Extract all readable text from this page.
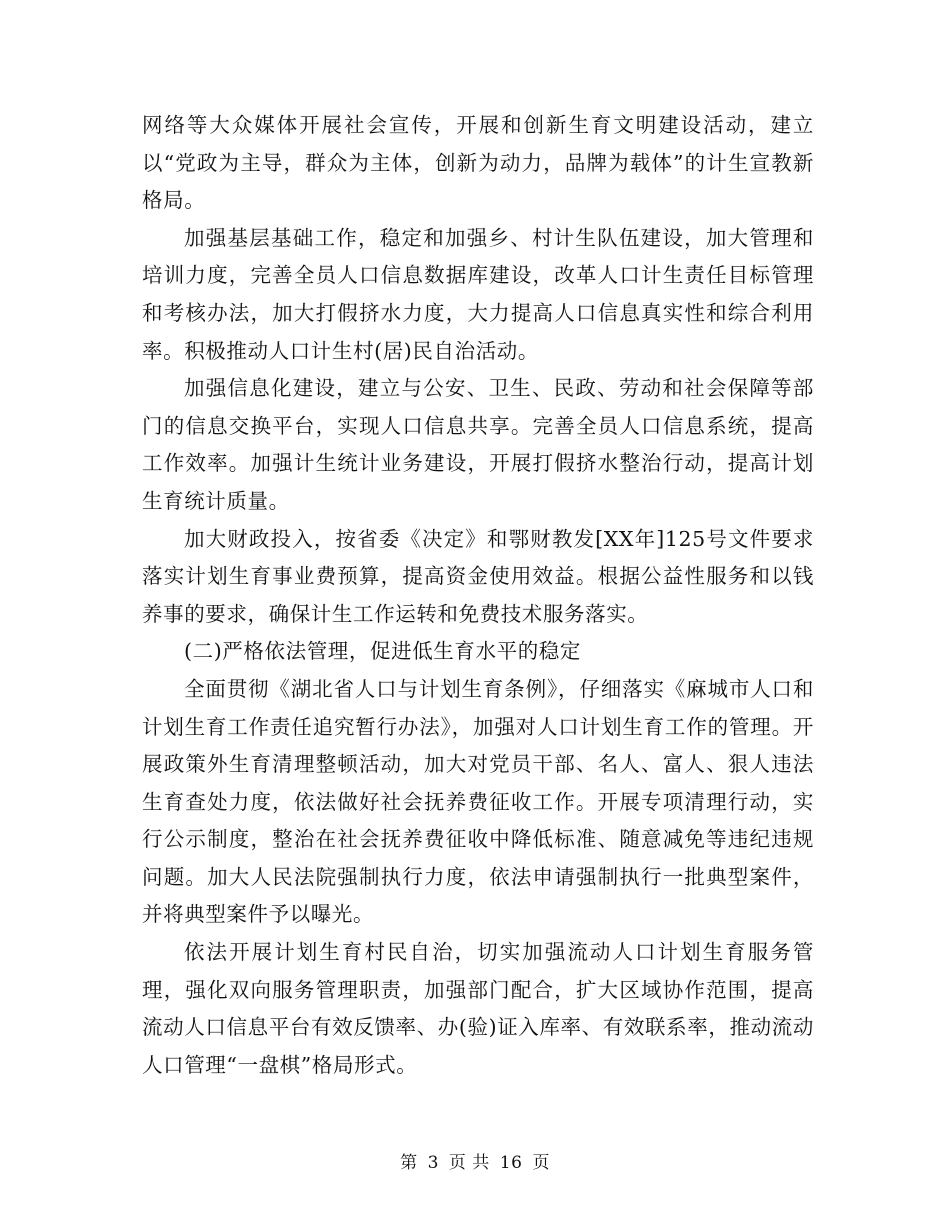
网络等大众媒体开展社会宣传，开展和创新生育文明建设活动，建立以“党政为主导，群众为主体，创新为动力，品牌为载体”的计生宣教新格局。

加强基层基础工作，稳定和加强乡、村计生队伍建设，加大管理和培训力度，完善全员人口信息数据库建设，改革人口计生责任目标管理和考核办法，加大打假挤水力度，大力提高人口信息真实性和综合利用率。积极推动人口计生村(居)民自治活动。

加强信息化建设，建立与公安、卫生、民政、劳动和社会保障等部门的信息交换平台，实现人口信息共享。完善全员人口信息系统，提高工作效率。加强计生统计业务建设，开展打假挤水整治行动，提高计划生育统计质量。

加大财政投入，按省委《决定》和鄂财教发[XX年]125号文件要求落实计划生育事业费预算，提高资金使用效益。根据公益性服务和以钱养事的要求，确保计生工作运转和免费技术服务落实。

(二)严格依法管理，促进低生育水平的稳定

全面贯彻《湖北省人口与计划生育条例》，仔细落实《麻城市人口和计划生育工作责任追究暂行办法》，加强对人口计划生育工作的管理。开展政策外生育清理整顿活动，加大对党员干部、名人、富人、狠人违法生育查处力度，依法做好社会抚养费征收工作。开展专项清理行动，实行公示制度，整治在社会抚养费征收中降低标准、随意减免等违纪违规问题。加大人民法院强制执行力度，依法申请强制执行一批典型案件，并将典型案件予以曝光。

依法开展计划生育村民自治，切实加强流动人口计划生育服务管理，强化双向服务管理职责，加强部门配合，扩大区域协作范围，提高流动人口信息平台有效反馈率、办(验)证入库率、有效联系率，推动流动人口管理“一盘棋”格局形式。

第 3 页 共 16 页
